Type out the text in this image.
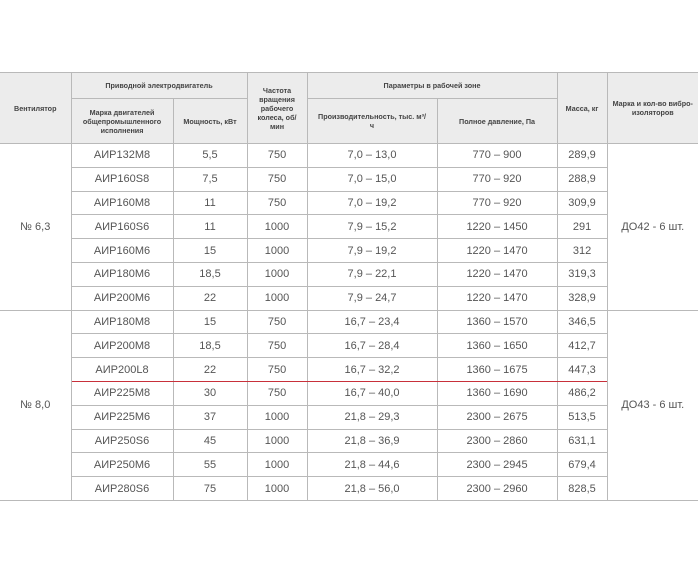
Вентилятор	Приводной электродвигатель		Частота вращения рабочего колеса, об/мин	Параметры в рабочей зоне		Масса, кг	Марка и кол-во виброизоляторов
	Марка двигателей общепромышленного исполнения	Мощность, кВт		Производительность, тыс. м³/ч	Полное давление, Па		
№ 6,3	АИР132М8	5,5	750	7,0 – 13,0	770 – 900	289,9	ДО42 - 6 шт.
	АИР160S8	7,5	750	7,0 – 15,0	770 – 920	288,9	
	АИР160М8	11	750	7,0 – 19,2	770 – 920	309,9	
	АИР160S6	11	1000	7,9 – 15,2	1220 – 1450	291	
	АИР160М6	15	1000	7,9 – 19,2	1220 – 1470	312	
	АИР180М6	18,5	1000	7,9 – 22,1	1220 – 1470	319,3	
	АИР200М6	22	1000	7,9 – 24,7	1220 – 1470	328,9	
№ 8,0	АИР180М8	15	750	16,7 – 23,4	1360 – 1570	346,5	ДО43 - 6 шт.
	АИР200М8	18,5	750	16,7 – 28,4	1360 – 1650	412,7	
	АИР200L8	22	750	16,7 – 32,2	1360 – 1675	447,3	
	АИР225М8	30	750	16,7 – 40,0	1360 – 1690	486,2	
	АИР225М6	37	1000	21,8 – 29,3	2300 – 2675	513,5	
	АИР250S6	45	1000	21,8 – 36,9	2300 – 2860	631,1	
	АИР250М6	55	1000	21,8 – 44,6	2300 – 2945	679,4	
	АИР280S6	75	1000	21,8 – 56,0	2300 – 2960	828,5	
